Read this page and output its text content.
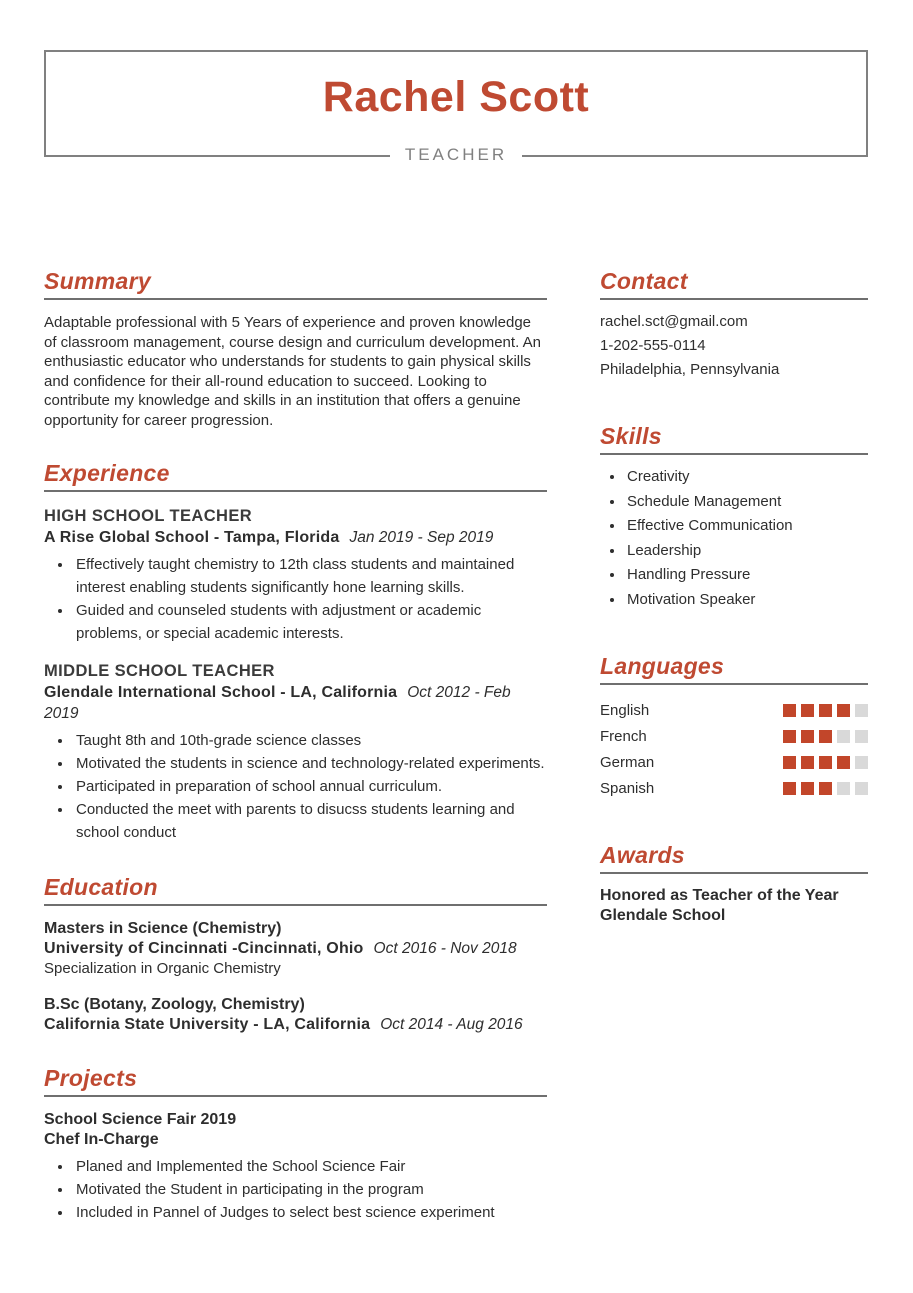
Rachel Scott
TEACHER
Summary

Adaptable professional with 5 Years of experience and proven knowledge of classroom management, course design and curriculum development. An enthusiastic educator who understands for students to gain physical skills and confidence for their all-round education to succeed. Looking to contribute my knowledge and skills in an institution that offers a genuine opportunity for career progression.

Experience
HIGH SCHOOL TEACHER
A Rise Global School - Tampa, Florida Jan 2019 - Sep 2019
• Effectively taught chemistry to 12th class students and maintained interest enabling students significantly hone learning skills.
• Guided and counseled students with adjustment or academic problems, or special academic interests.
MIDDLE SCHOOL TEACHER
Glendale International School - LA, California Oct 2012 - Feb 2019
• Taught 8th and 10th-grade science classes
• Motivated the students in science and technology-related experiments.
• Participated in preparation of school annual curriculum.
• Conducted the meet with parents to disucss students learning and school conduct
Education
Masters in Science (Chemistry)
University of Cincinnati -Cincinnati, Ohio Oct 2016 - Nov 2018
Specialization in Organic Chemistry
B.Sc (Botany, Zoology, Chemistry)
California State University - LA, California Oct 2014 - Aug 2016
Projects
School Science Fair 2019
Chef In-Charge
• Planed and Implemented the School Science Fair
• Motivated the Student in participating in the program
• Included in Pannel of Judges to select best science experiment
Contact
rachel.sct@gmail.com
1-202-555-0114
Philadelphia, Pennsylvania
Skills
• Creativity
• Schedule Management
• Effective Communication
• Leadership
• Handling Pressure
• Motivation Speaker
Languages
English
French
German
Spanish
Awards
Honored as Teacher of the Year Glendale School
